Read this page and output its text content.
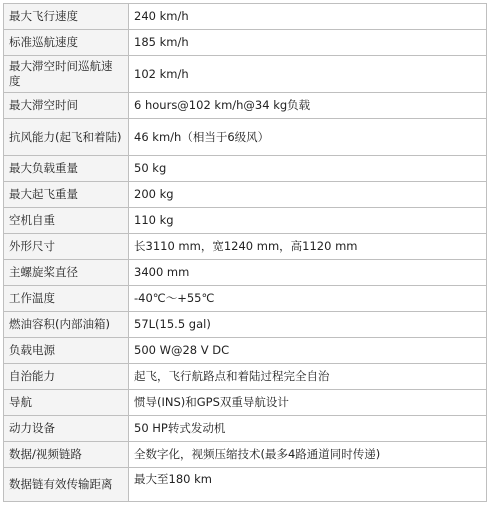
最大飞行速度	240 km/h
标准巡航速度	185 km/h
最大滞空时间巡航速度	102 km/h
最大滞空时间	6 hours@102 km/h@34 kg负载
抗风能力(起飞和着陆)	46 km/h（相当于6级风）
最大负载重量	50 kg
最大起飞重量	200 kg
空机自重	110 kg
外形尺寸	长3110 mm，宽1240 mm，高1120 mm
主螺旋桨直径	3400 mm
工作温度	-40℃～+55℃
燃油容积(内部油箱)	57L(15.5 gal)
负载电源	500 W@28 V DC
自治能力	起飞，飞行航路点和着陆过程完全自治
导航	惯导(INS)和GPS双重导航设计
动力设备	50 HP转式发动机
数据/视频链路	全数字化，视频压缩技术(最多4路通道同时传递)
数据链有效传输距离	最大至180 km
